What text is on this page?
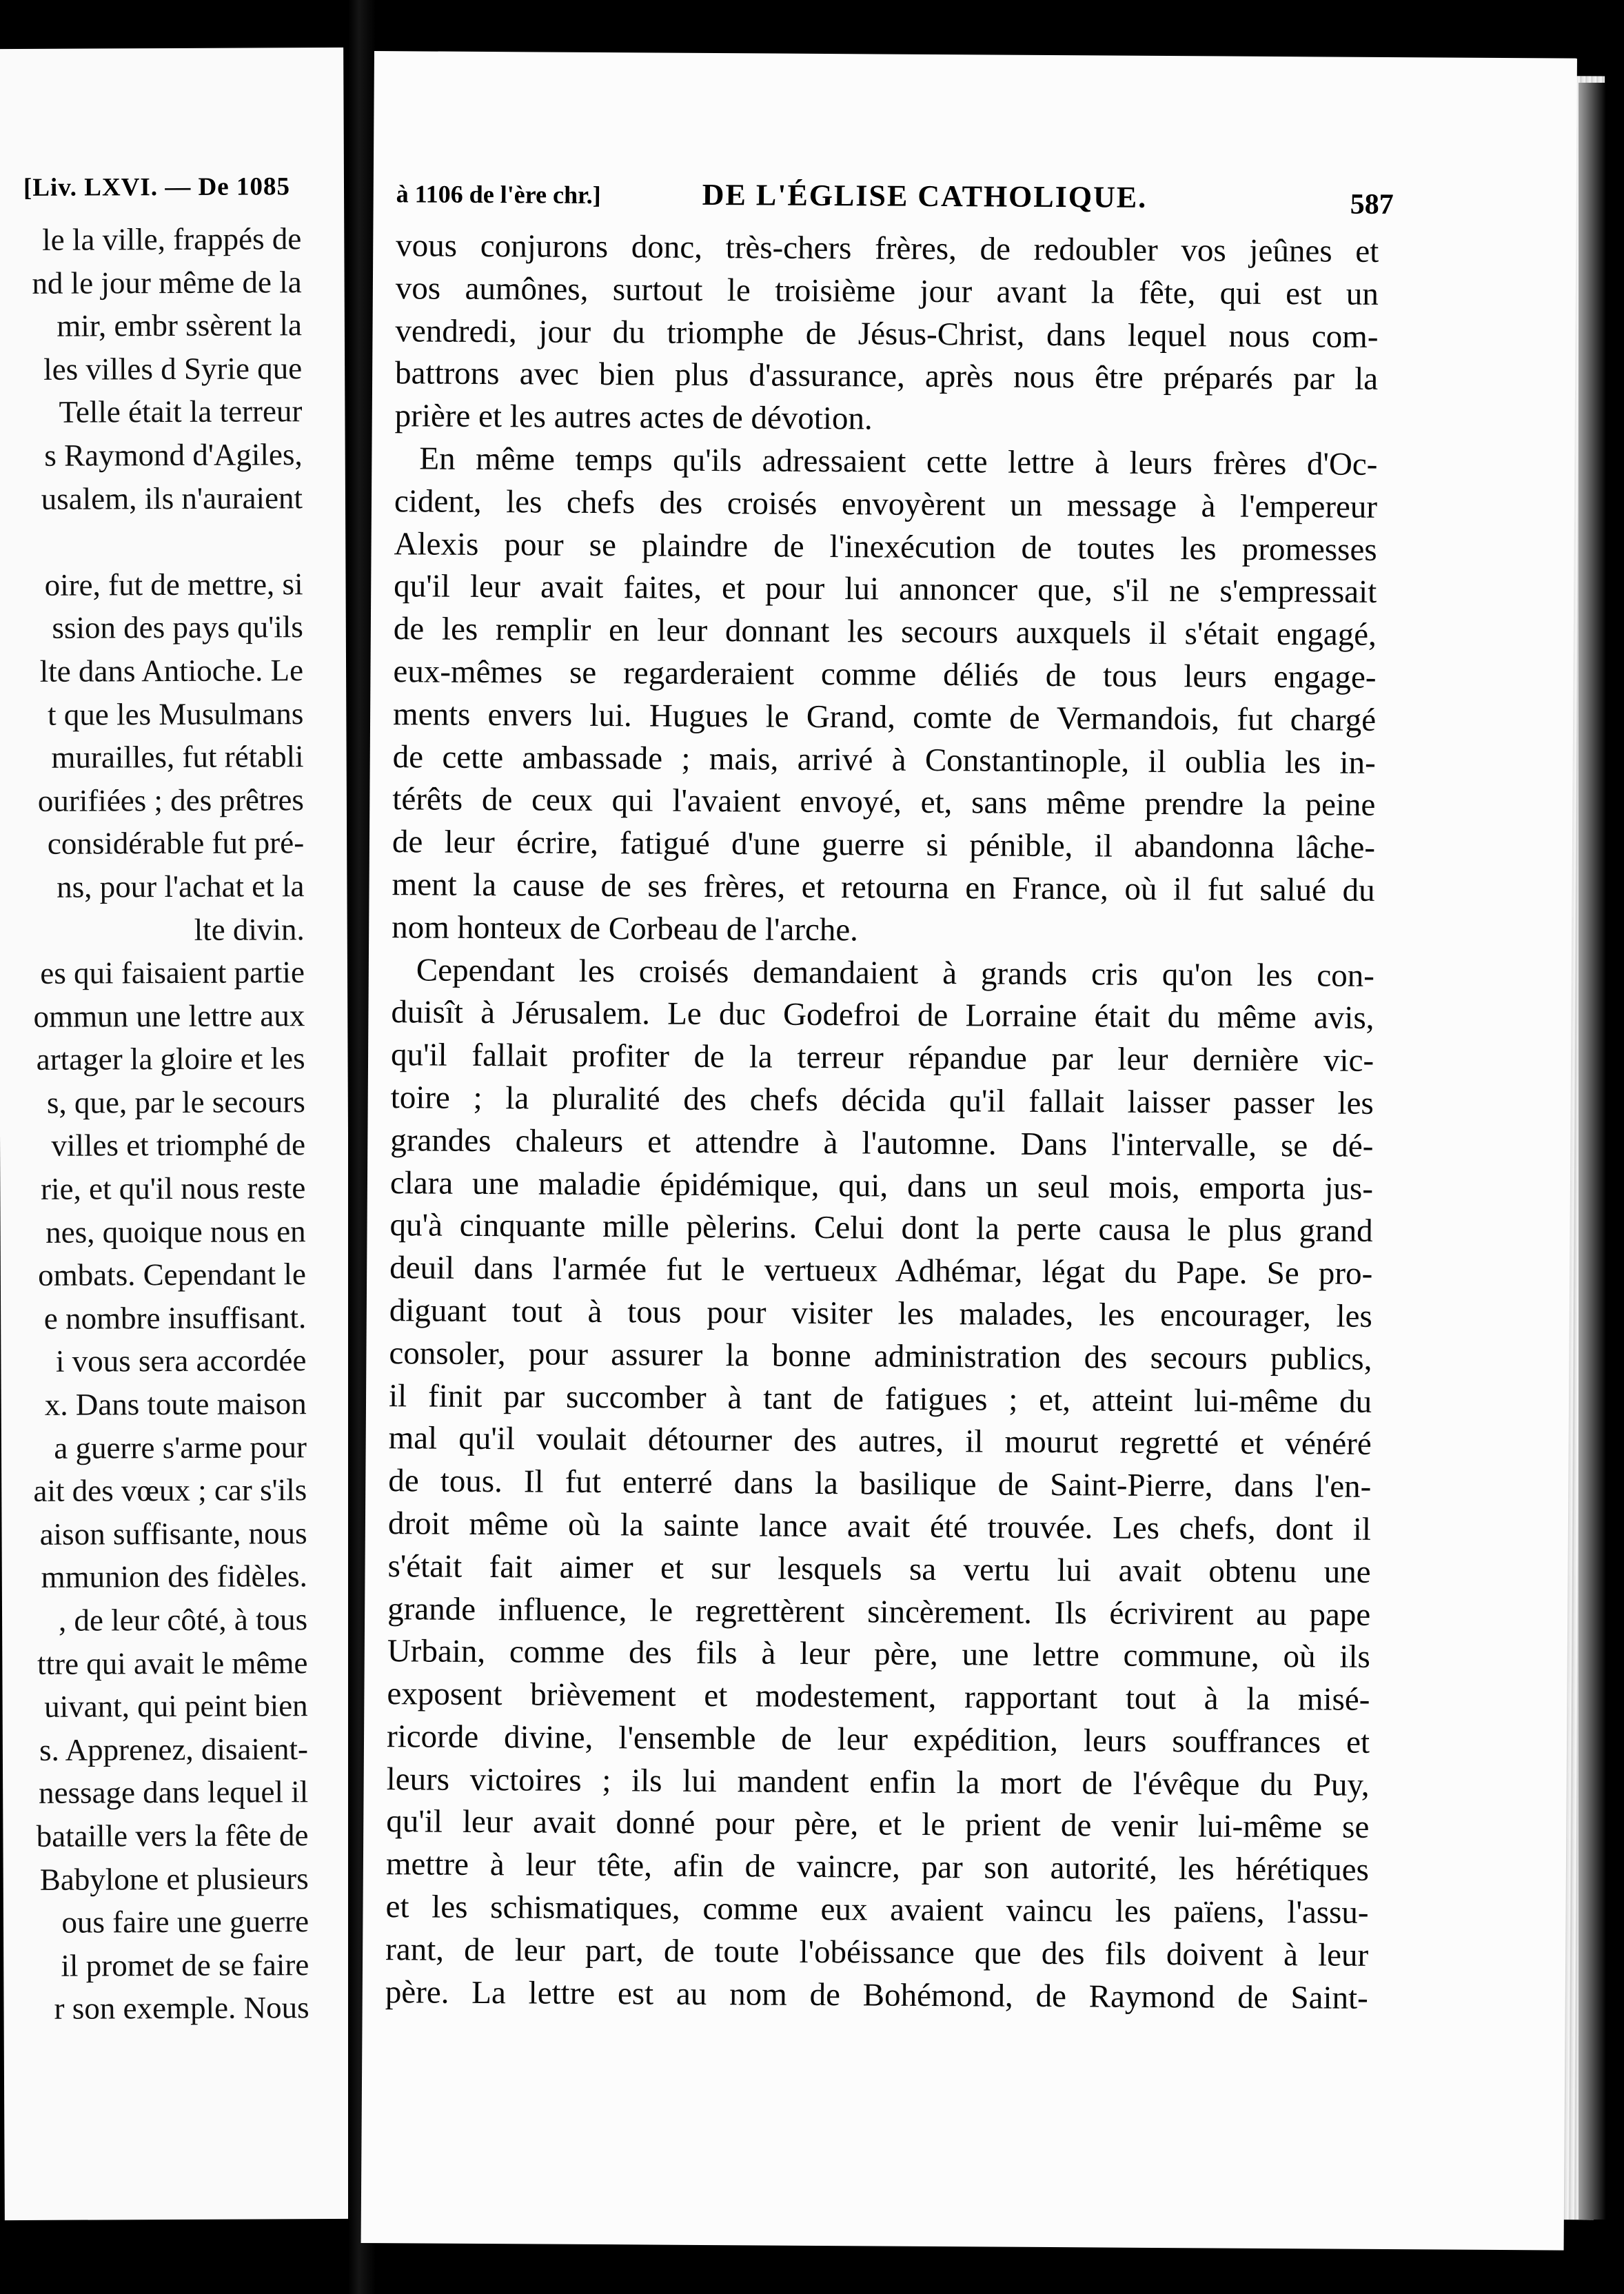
[Liv. LXVI. — De 1085
le la ville, frappés de
nd le jour même de la
mir, embr ssèrent la
les villes d Syrie que
Telle était la terreur
s Raymond d'Agiles,
usalem, ils n'auraient
oire, fut de mettre, si
ssion des pays qu'ils
lte dans Antioche. Le
t que les Musulmans
murailles, fut rétabli
ourifiées ; des prêtres
considérable fut pré-
ns, pour l'achat et la
lte divin.
es qui faisaient partie
ommun une lettre aux
artager la gloire et les
s, que, par le secours
villes et triomphé de
rie, et qu'il nous reste
nes, quoique nous en
ombats. Cependant le
e nombre insuffisant.
i vous sera accordée
x. Dans toute maison
a guerre s'arme pour
ait des vœux ; car s'ils
aison suffisante, nous
mmunion des fidèles.
, de leur côté, à tous
ttre qui avait le même
uivant, qui peint bien
s. Apprenez, disaient-
nessage dans lequel il
bataille vers la fête de
Babylone et plusieurs
ous faire une guerre
il promet de se faire
r son exemple. Nous
à 1106 de l'ère chr.]	DE L'ÉGLISE CATHOLIQUE.	587
vous conjurons donc, très-chers frères, de redoubler vos jeûnes et
vos aumônes, surtout le troisième jour avant la fête, qui est un
vendredi, jour du triomphe de Jésus-Christ, dans lequel nous com-
battrons avec bien plus d'assurance, après nous être préparés par la
prière et les autres actes de dévotion.
En même temps qu'ils adressaient cette lettre à leurs frères d'Oc-
cident, les chefs des croisés envoyèrent un message à l'empereur
Alexis pour se plaindre de l'inexécution de toutes les promesses
qu'il leur avait faites, et pour lui annoncer que, s'il ne s'empressait
de les remplir en leur donnant les secours auxquels il s'était engagé,
eux-mêmes se regarderaient comme déliés de tous leurs engage-
ments envers lui. Hugues le Grand, comte de Vermandois, fut chargé
de cette ambassade ; mais, arrivé à Constantinople, il oublia les in-
térêts de ceux qui l'avaient envoyé, et, sans même prendre la peine
de leur écrire, fatigué d'une guerre si pénible, il abandonna lâche-
ment la cause de ses frères, et retourna en France, où il fut salué du
nom honteux de Corbeau de l'arche.
Cependant les croisés demandaient à grands cris qu'on les con-
duisît à Jérusalem. Le duc Godefroi de Lorraine était du même avis,
qu'il fallait profiter de la terreur répandue par leur dernière vic-
toire ; la pluralité des chefs décida qu'il fallait laisser passer les
grandes chaleurs et attendre à l'automne. Dans l'intervalle, se dé-
clara une maladie épidémique, qui, dans un seul mois, emporta jus-
qu'à cinquante mille pèlerins. Celui dont la perte causa le plus grand
deuil dans l'armée fut le vertueux Adhémar, légat du Pape. Se pro-
diguant tout à tous pour visiter les malades, les encourager, les
consoler, pour assurer la bonne administration des secours publics,
il finit par succomber à tant de fatigues ; et, atteint lui-même du
mal qu'il voulait détourner des autres, il mourut regretté et vénéré
de tous. Il fut enterré dans la basilique de Saint-Pierre, dans l'en-
droit même où la sainte lance avait été trouvée. Les chefs, dont il
s'était fait aimer et sur lesquels sa vertu lui avait obtenu une
grande influence, le regrettèrent sincèrement. Ils écrivirent au pape
Urbain, comme des fils à leur père, une lettre commune, où ils
exposent brièvement et modestement, rapportant tout à la misé-
ricorde divine, l'ensemble de leur expédition, leurs souffrances et
leurs victoires ; ils lui mandent enfin la mort de l'évêque du Puy,
qu'il leur avait donné pour père, et le prient de venir lui-même se
mettre à leur tête, afin de vaincre, par son autorité, les hérétiques
et les schismatiques, comme eux avaient vaincu les païens, l'assu-
rant, de leur part, de toute l'obéissance que des fils doivent à leur
père. La lettre est au nom de Bohémond, de Raymond de Saint-
